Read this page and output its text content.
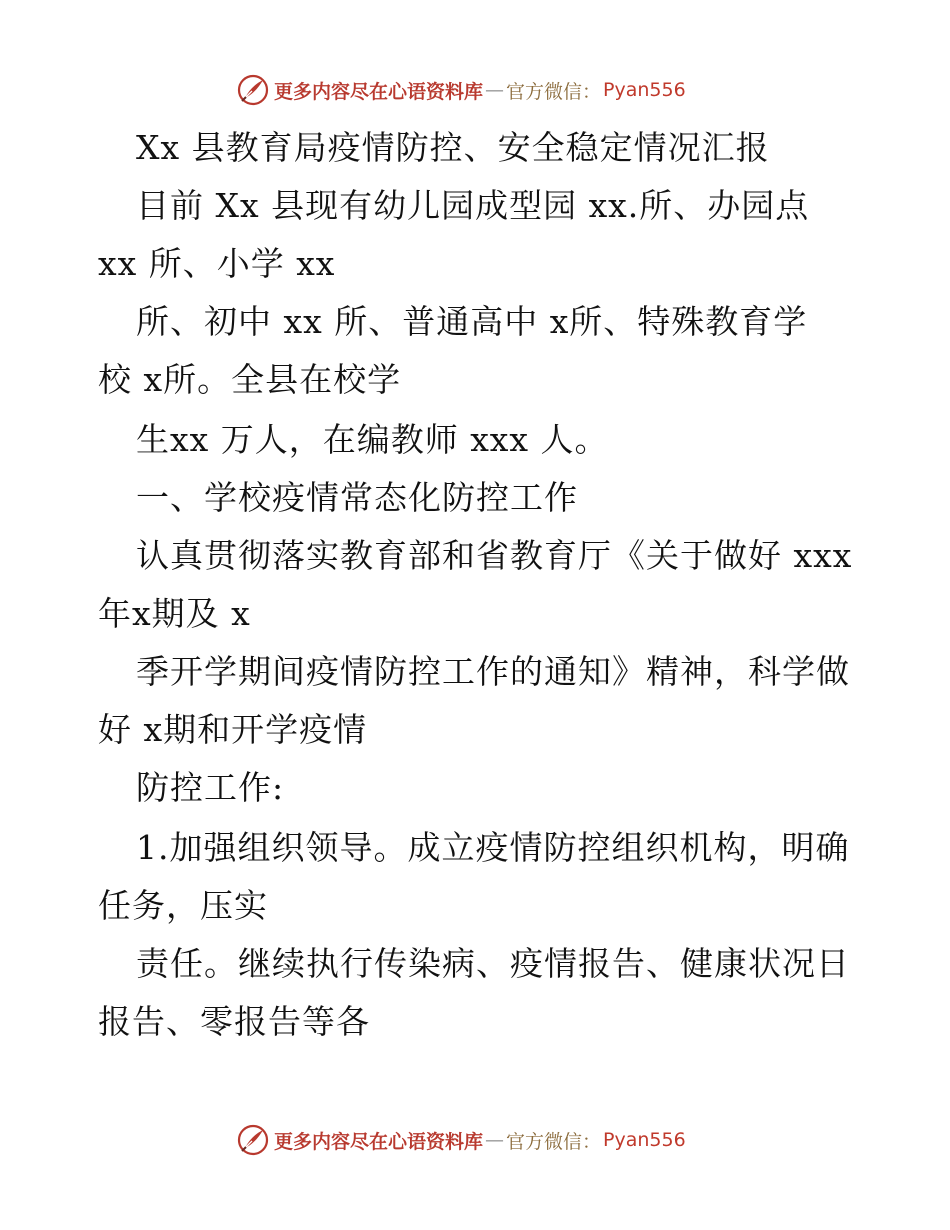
更多内容尽在心语资料库 — 官方微信： Pyan556
Xx 县教育局疫情防控、安全稳定情况汇报
目前 Xx 县现有幼儿园成型园 xx.所、办园点
xx 所、小学 xx
所、初中 xx 所、普通高中 x所、特殊教育学
校 x所。全县在校学
生xx 万人，在编教师 xxx 人。
一、学校疫情常态化防控工作
认真贯彻落实教育部和省教育厅《关于做好 xxx
年x期及 x
季开学期间疫情防控工作的通知》精神，科学做
好 x期和开学疫情
防控工作:
1.加强组织领导。成立疫情防控组织机构，明确
任务，压实
责任。继续执行传染病、疫情报告、健康状况日
报告、零报告等各
更多内容尽在心语资料库 — 官方微信： Pyan556
